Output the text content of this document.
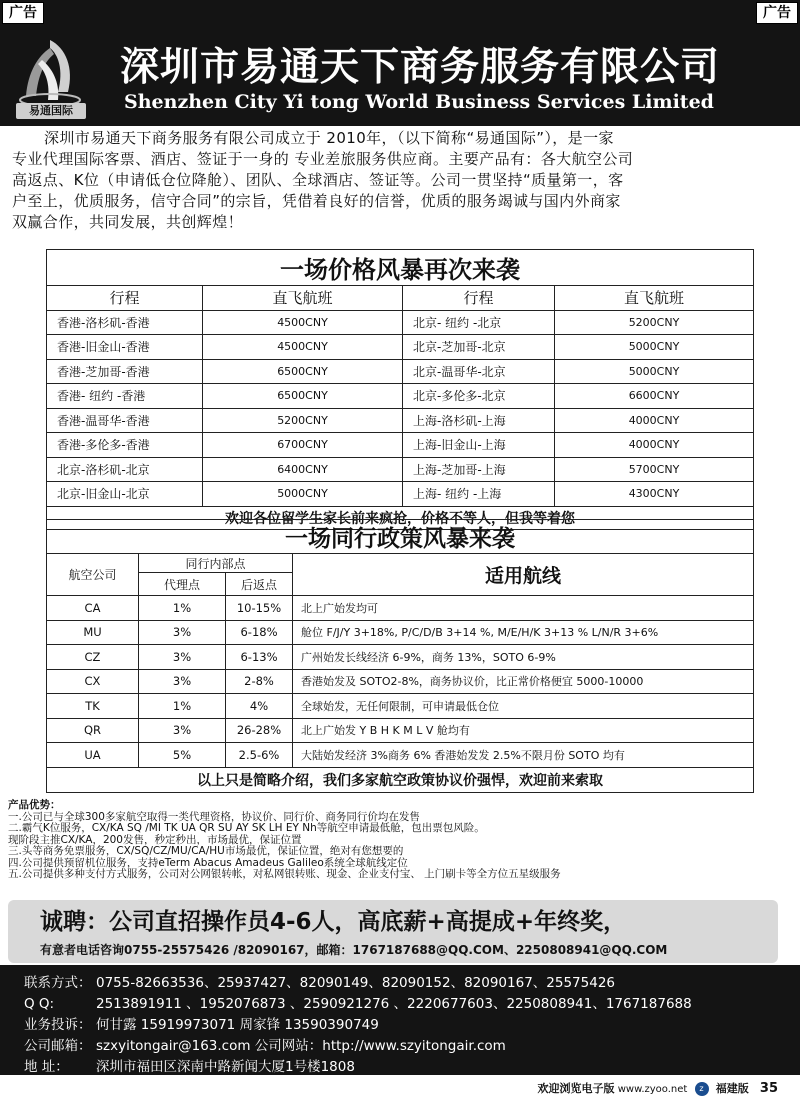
广告	广告
易通国际
深圳市易通天下商务服务有限公司
Shenzhen City Yi tong World Business Services Limited

深圳市易通天下商务服务有限公司成立于 2010年，（以下简称“易通国际”），是一家

专业代理国际客票、酒店、签证于一身的 专业差旅服务供应商。主要产品有：各大航空公司

高返点、K位（申请低仓位降舱）、团队、全球酒店、签证等。公司一贯坚持“质量第一，客

户至上，优质服务，信守合同”的宗旨，凭借着良好的信誉，优质的服务竭诚与国内外商家

双赢合作，共同发展，共创辉煌！

一场价格风暴再次来袭			
行程	直飞航班	行程	直飞航班
香港-洛杉矶-香港	4500CNY	北京- 纽约 -北京	5200CNY
香港-旧金山-香港	4500CNY	北京-芝加哥-北京	5000CNY
香港-芝加哥-香港	6500CNY	北京-温哥华-北京	5000CNY
香港- 纽约 -香港	6500CNY	北京-多伦多-北京	6600CNY
香港-温哥华-香港	5200CNY	上海-洛杉矶-上海	4000CNY
香港-多伦多-香港	6700CNY	上海-旧金山-上海	4000CNY
北京-洛杉矶-北京	6400CNY	上海-芝加哥-上海	5700CNY
北京-旧金山-北京	5000CNY	上海- 纽约 -上海	4300CNY
欢迎各位留学生家长前来疯抢，价格不等人，但我等着您			
一场同行政策风暴来袭			
航空公司	同行内部点		适用航线
	代理点	后返点	
CA	1%	10-15%	北上广始发均可
MU	3%	6-18%	舱位 F/J/Y 3+18%, P/C/D/B 3+14 %, M/E/H/K 3+13 % L/N/R 3+6%
CZ	3%	6-13%	广州始发长线经济 6-9%，商务 13%，SOTO 6-9%
CX	3%	2-8%	香港始发及 SOTO2-8%，商务协议价，比正常价格便宜 5000-10000
TK	1%	4%	全球始发，无任何限制，可申请最低仓位
QR	3%	26-28%	北上广始发 Y B H K M L V 舱均有
UA	5%	2.5-6%	大陆始发经济 3%商务 6% 香港始发发 2.5%不限月份 SOTO 均有
以上只是简略介绍，我们多家航空政策协议价强悍，欢迎前来索取			
产品优势：
一.公司已与全球300多家航空取得一类代理资格，协议价、同行价、商务同行价均在发售
二.霸气K位服务，CX/KA SQ /MI TK UA QR SU AY SK LH EY Nh等航空申请最低舱，包出票包风险。
现阶段主推CX/KA，200发售，秒定秒出，市场最优，保证位置
三.头等商务免票服务，CX/SQ/CZ/MU/CA/HU市场最优，保证位置，绝对有您想要的
四.公司提供预留机位服务，支持eTerm Abacus Amadeus Galileo系统全球航线定位
五.公司提供多种支付方式服务，公司对公网银转帐，对私网银转账、现金、企业支付宝、 上门刷卡等全方位五星级服务
诚聘：公司直招操作员4-6人，高底薪+高提成+年终奖，
有意者电话咨询0755-25575426 /82090167，邮箱：1767187688@QQ.COM、2250808941@QQ.COM
联系方式： 0755-82663536、25937427、82090149、82090152、82090167、25575426
Q Q:	2513891911 、1952076873 、2590921276 、2220677603、2250808941、1767187688
业务投诉： 何甘露 15919973071 周家锋 13590390749
公司邮箱： szxyitongair@163.com 公司网站：http://www.szyitongair.com
地 址： 深圳市福田区深南中路新闻大厦1号楼1808
欢迎浏览电子版 www.zyoo.net z 福建版 35
